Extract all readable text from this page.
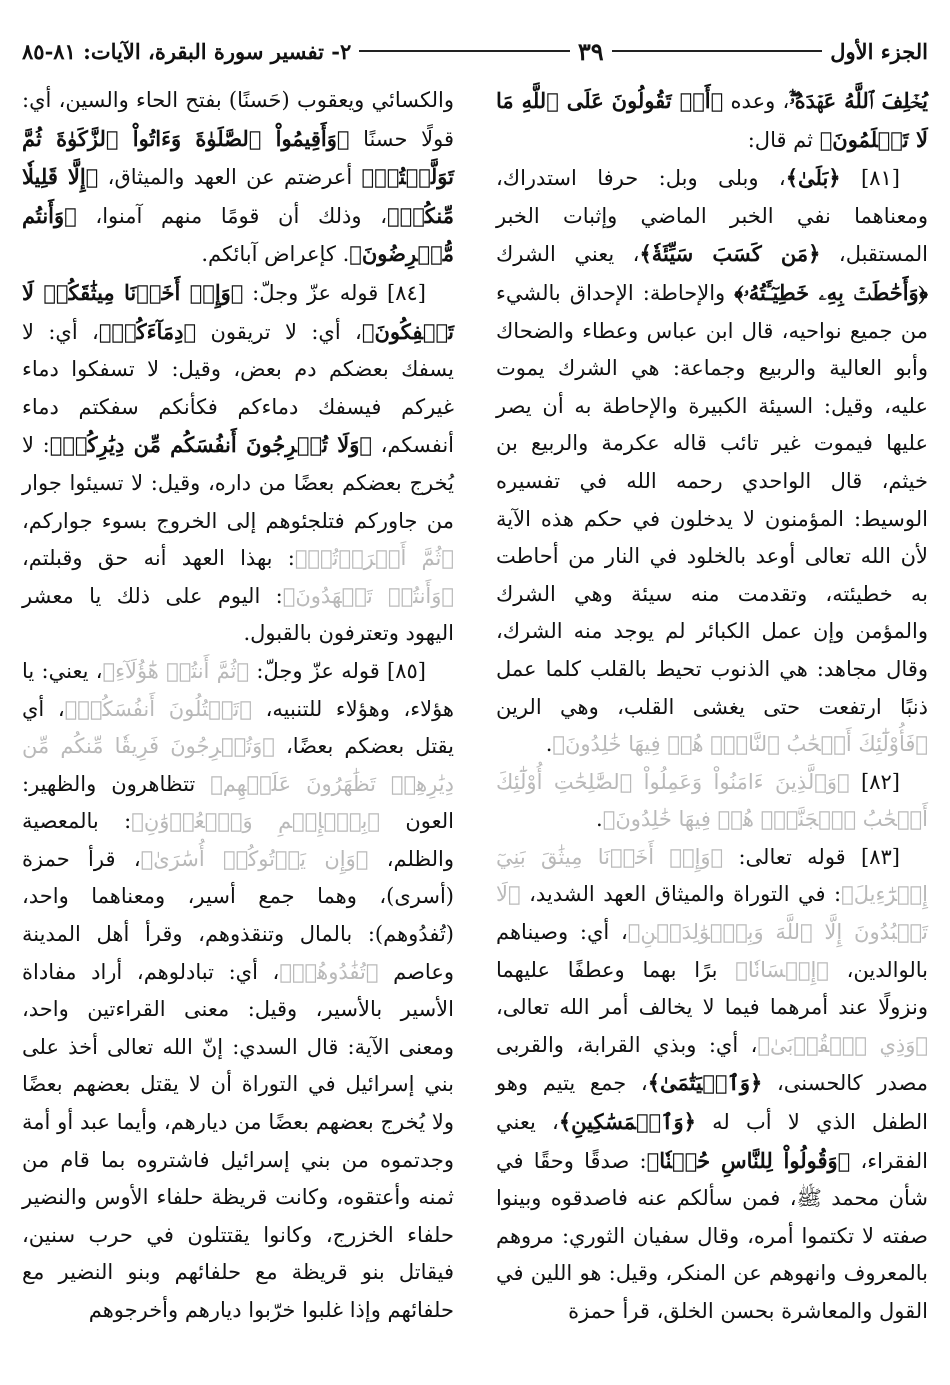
الجزء الأول
٣٩
٢- تفسير سورة البقرة، الآيات: ٨١-٨٥

يُخۡلِفَ ٱللَّهُ عَهۡدَهُۥٓۖ، وعده ﴿أَمۡ تَقُولُونَ عَلَى ٱللَّهِ مَا لَا تَعۡلَمُونَ﴾ ثم قال:

[٨١] ﴿بَلَىٰ﴾، وبلى وبل: حرفا استدراك، ومعناهما نفي الخبر الماضي وإثبات الخبر المستقبل، ﴿مَن كَسَبَ سَيِّئَةٗ﴾، يعني الشرك ﴿وَأَحَٰطَتۡ بِهِۦ خَطِيٓـَٔتُهُۥ﴾ والإحاطة: الإحداق بالشيء من جميع نواحيه، قال ابن عباس وعطاء والضحاك وأبو العالية والربيع وجماعة: هي الشرك يموت عليه، وقيل: السيئة الكبيرة والإحاطة به أن يصر عليها فيموت غير تائب قاله عكرمة والربيع بن خيثم، قال الواحدي رحمه الله في تفسيره الوسيط: المؤمنون لا يدخلون في حكم هذه الآية لأن الله تعالى أوعد بالخلود في النار من أحاطت به خطيئته، وتقدمت منه سيئة وهي الشرك والمؤمن وإن عمل الكبائر لم يوجد منه الشرك، وقال مجاهد: هي الذنوب تحيط بالقلب كلما عمل ذنبًا ارتفعت حتى يغشى القلب، وهي الرين ﴿فَأُوْلَٰٓئِكَ أَصۡحَٰبُ ٱلنَّارِۖ هُمۡ فِيهَا خَٰلِدُونَ﴾.

[٨٢] ﴿وَٱلَّذِينَ ءَامَنُواْ وَعَمِلُواْ ٱلصَّٰلِحَٰتِ أُوْلَٰٓئِكَ أَصۡحَٰبُ ٱلۡجَنَّةِۖ هُمۡ فِيهَا خَٰلِدُونَ﴾.

[٨٣] قوله تعالى: ﴿وَإِذۡ أَخَذۡنَا مِيثَٰقَ بَنِيٓ إِسۡرَٰٓءِيلَ﴾: في التوراة والميثاق العهد الشديد، ﴿لَا تَعۡبُدُونَ إِلَّا ٱللَّهَ وَبِٱلۡوَٰلِدَيۡنِ﴾، أي: وصيناهم بالوالدين، ﴿إِحۡسَانٗا﴾ برًا بهما وعطفًا عليهما ونزولًا عند أمرهما فيما لا يخالف أمر الله تعالى، ﴿وَذِي ٱلۡقُرۡبَىٰ﴾، أي: وبذي القرابة، والقربى مصدر كالحسنى، ﴿وَٱلۡيَتَٰمَىٰ﴾، جمع يتيم وهو الطفل الذي لا أب له ﴿وَٱلۡمَسَٰكِينِ﴾، يعني الفقراء، ﴿وَقُولُواْ لِلنَّاسِ حُسۡنٗا﴾: صدقًا وحقًا في شأن محمد ﷺ، فمن سألكم عنه فاصدقوه وبينوا صفته لا تكتموا أمره، وقال سفيان الثوري: مروهم بالمعروف وانهوهم عن المنكر، وقيل: هو اللين في القول والمعاشرة بحسن الخلق، قرأ حمزة

والكسائي ويعقوب (حَسنًا) بفتح الحاء والسين، أي: قولًا حسنًا ﴿وَأَقِيمُواْ ٱلصَّلَوٰةَ وَءَاتُواْ ٱلزَّكَوٰةَ ثُمَّ تَوَلَّيۡتُمۡ﴾ أعرضتم عن العهد والميثاق، ﴿إِلَّا قَلِيلٗا مِّنكُمۡ﴾، وذلك أن قومًا منهم آمنوا، ﴿وَأَنتُم مُّعۡرِضُونَ﴾. كإعراض آبائكم.

[٨٤] قوله عزّ وجلّ: ﴿وَإِذۡ أَخَذۡنَا مِيثَٰقَكُمۡ لَا تَسۡفِكُونَ﴾، أي: لا تريقون ﴿دِمَآءَكُمۡ﴾، أي: لا يسفك بعضكم دم بعض، وقيل: لا تسفكوا دماء غيركم فيسفك دماءكم فكأنكم سفكتم دماء أنفسكم، ﴿وَلَا تُخۡرِجُونَ أَنفُسَكُم مِّن دِيَٰرِكُمۡ﴾: لا يُخرج بعضكم بعضًا من داره، وقيل: لا تسيئوا جوار من جاوركم فتلجئوهم إلى الخروج بسوء جواركم، ﴿ثُمَّ أَقۡرَرۡتُمۡ﴾: بهذا العهد أنه حق وقبلتم، ﴿وَأَنتُمۡ تَشۡهَدُونَ﴾: اليوم على ذلك يا معشر اليهود وتعترفون بالقبول.

[٨٥] قوله عزّ وجلّ: ﴿ثُمَّ أَنتُمۡ هَٰٓؤُلَآءِ﴾، يعني: يا هؤلاء، وهؤلاء للتنبيه، ﴿تَقۡتُلُونَ أَنفُسَكُمۡ﴾، أي يقتل بعضكم بعضًا، ﴿وَتُخۡرِجُونَ فَرِيقٗا مِّنكُم مِّن دِيَٰرِهِمۡ تَظَٰهَرُونَ عَلَيۡهِم﴾ تتظاهرون والظهير: العون ﴿بِٱلۡإِثۡمِ وَٱلۡعُدۡوَٰنِ﴾: بالمعصية والظلم، ﴿وَإِن يَأۡتُوكُمۡ أُسَٰرَىٰ﴾، قرأ حمزة (أسرى)، وهما جمع أسير، ومعناهما واحد، (تُفدُوهم): بالمال وتنقذوهم، وقرأ أهل المدينة وعاصم ﴿تُفَٰدُوهُمۡ﴾، أي: تبادلوهم، أراد مفاداة الأسير بالأسير، وقيل: معنى القراءتين واحد، ومعنى الآية: قال السدي: إنّ الله تعالى أخذ على بني إسرائيل في التوراة أن لا يقتل بعضهم بعضًا ولا يُخرج بعضهم بعضًا من ديارهم، وأيما عبد أو أمة وجدتموه من بني إسرائيل فاشتروه بما قام من ثمنه وأعتقوه، وكانت قريظة حلفاء الأوس والنضير حلفاء الخزرج، وكانوا يقتتلون في حرب سنين، فيقاتل بنو قريظة مع حلفائهم وبنو النضير مع حلفائهم وإذا غلبوا خرّبوا ديارهم وأخرجوهم
